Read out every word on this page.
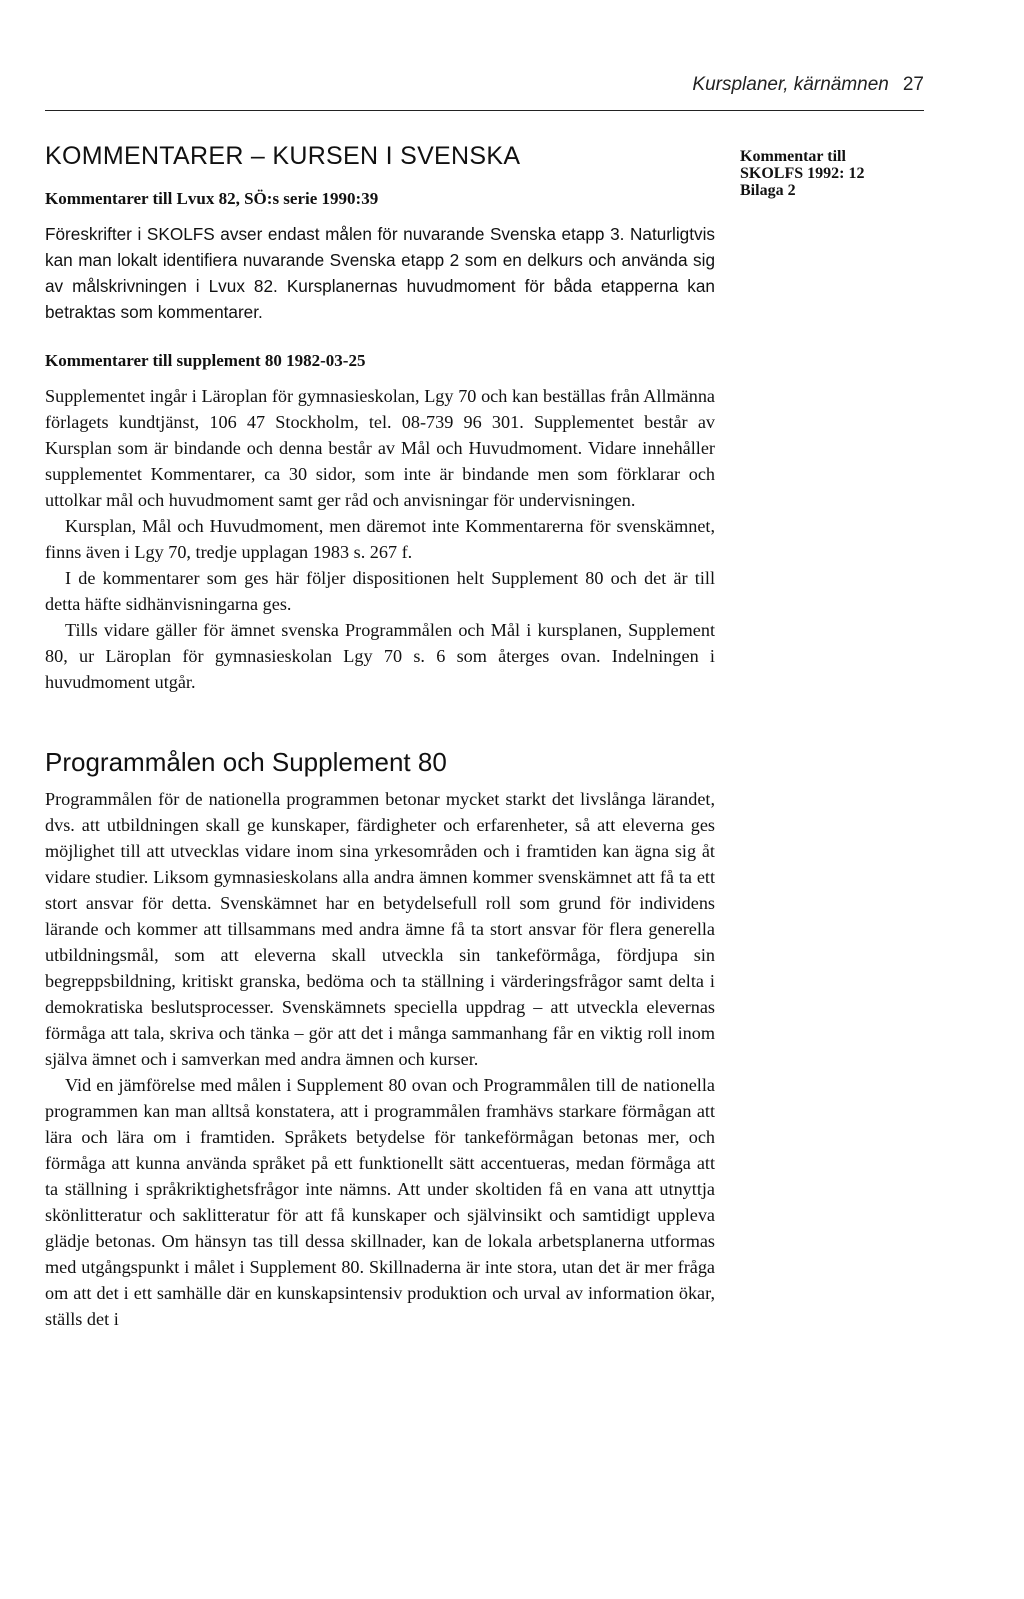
Kursplaner, kärnämnen 27
Kommentar till
SKOLFS 1992: 12
Bilaga 2
KOMMENTARER – KURSEN I SVENSKA
Kommentarer till Lvux 82, SÖ:s serie 1990:39

Föreskrifter i SKOLFS avser endast målen för nuvarande Svenska etapp 3. Naturligtvis kan man lokalt identifiera nuvarande Svenska etapp 2 som en delkurs och använda sig av målskrivningen i Lvux 82. Kursplanernas huvudmoment för båda etapperna kan betraktas som kommentarer.

Kommentarer till supplement 80 1982-03-25

Supplementet ingår i Läroplan för gymnasieskolan, Lgy 70 och kan beställas från Allmänna förlagets kundtjänst, 106 47 Stockholm, tel. 08-739 96 301. Supplementet består av Kursplan som är bindande och denna består av Mål och Huvudmoment. Vidare innehåller supplementet Kommentarer, ca 30 sidor, som inte är bindande men som förklarar och uttolkar mål och huvudmoment samt ger råd och anvisningar för undervisningen.

Kursplan, Mål och Huvudmoment, men däremot inte Kommentarerna för svenskämnet, finns även i Lgy 70, tredje upplagan 1983 s. 267 f.

I de kommentarer som ges här följer dispositionen helt Supplement 80 och det är till detta häfte sidhänvisningarna ges.

Tills vidare gäller för ämnet svenska Programmålen och Mål i kursplanen, Supplement 80, ur Läroplan för gymnasieskolan Lgy 70 s. 6 som återges ovan. Indelningen i huvudmoment utgår.

Programmålen och Supplement 80

Programmålen för de nationella programmen betonar mycket starkt det livslånga lärandet, dvs. att utbildningen skall ge kunskaper, färdigheter och erfarenheter, så att eleverna ges möjlighet till att utvecklas vidare inom sina yrkesområden och i framtiden kan ägna sig åt vidare studier. Liksom gymnasieskolans alla andra ämnen kommer svenskämnet att få ta ett stort ansvar för detta. Svenskämnet har en betydelsefull roll som grund för individens lärande och kommer att tillsammans med andra ämne få ta stort ansvar för flera generella utbildningsmål, som att eleverna skall utveckla sin tankeförmåga, fördjupa sin begreppsbildning, kritiskt granska, bedöma och ta ställning i värderingsfrågor samt delta i demokratiska beslutsprocesser. Svenskämnets speciella uppdrag – att utveckla elevernas förmåga att tala, skriva och tänka – gör att det i många sammanhang får en viktig roll inom själva ämnet och i samverkan med andra ämnen och kurser.

Vid en jämförelse med målen i Supplement 80 ovan och Programmålen till de nationella programmen kan man alltså konstatera, att i programmålen framhävs starkare förmågan att lära och lära om i framtiden. Språkets betydelse för tankeförmågan betonas mer, och förmåga att kunna använda språket på ett funktionellt sätt accentueras, medan förmåga att ta ställning i språkriktighetsfrågor inte nämns. Att under skoltiden få en vana att utnyttja skönlitteratur och saklitteratur för att få kunskaper och självinsikt och samtidigt uppleva glädje betonas. Om hänsyn tas till dessa skillnader, kan de lokala arbetsplanerna utformas med utgångspunkt i målet i Supplement 80. Skillnaderna är inte stora, utan det är mer fråga om att det i ett samhälle där en kunskapsintensiv produktion och urval av information ökar, ställs det i
